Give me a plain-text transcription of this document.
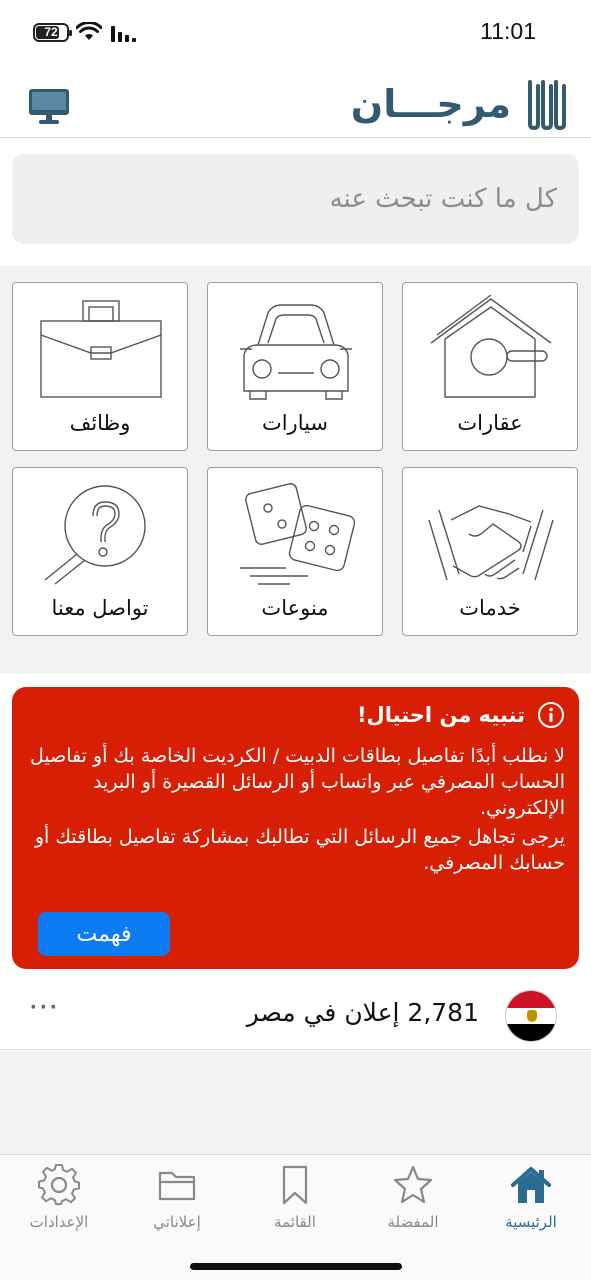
72	11:01
مرجـــان
كل ما كنت تبحث عنه
عقارات
سيارات
وظائف
خدمات
منوعات
تواصل معنا
تنبيه من احتيال!

لا نطلب أبدًا تفاصيل بطاقات الدبيت / الكرديت الخاصة بك أو تفاصيل الحساب المصرفي عبر واتساب أو الرسائل القصيرة أو البريد الإلكتروني.

يرجى تجاهل جميع الرسائل التي تطالبك بمشاركة تفاصيل بطاقتك أو حسابك المصرفي.

فهمت
2,781 إعلان في مصر
···
الرئيسية
المفضلة
القائمة
إعلاناتي
الإعدادات
